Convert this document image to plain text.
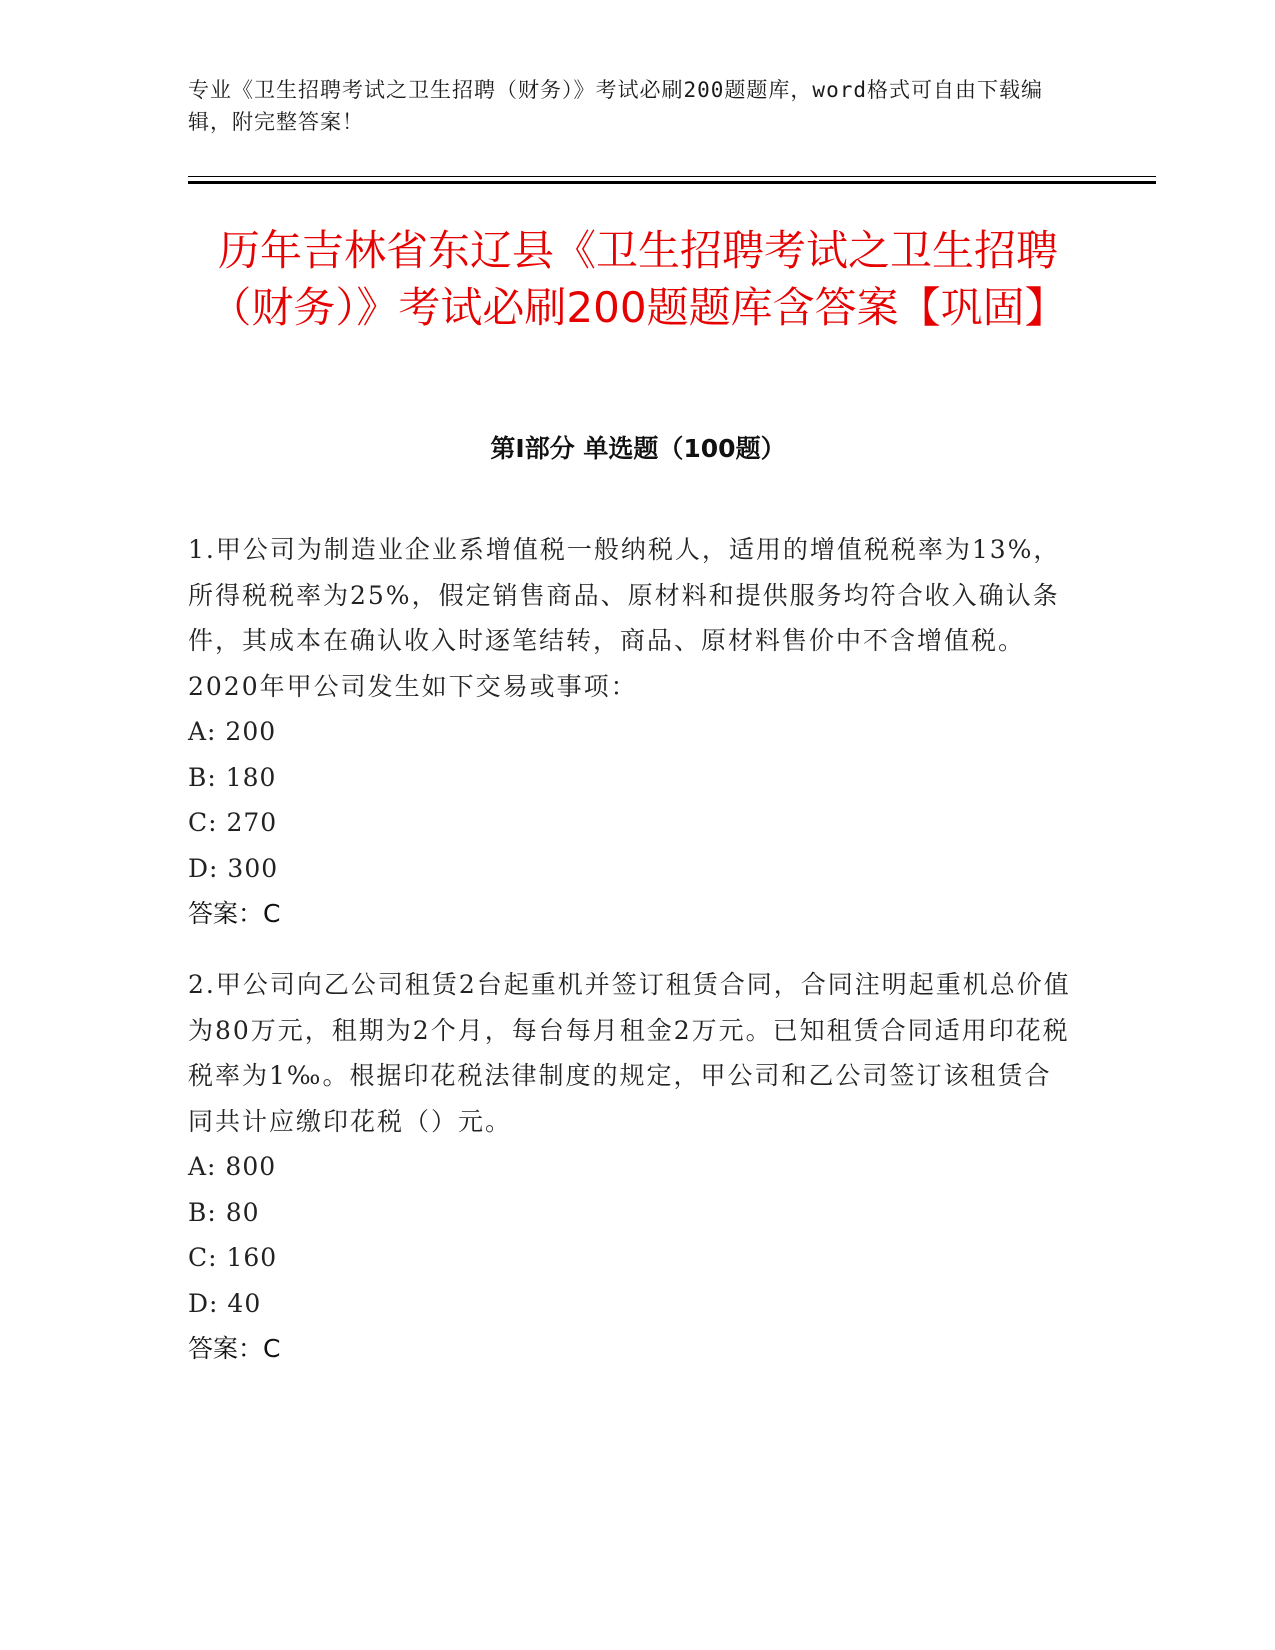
专业《卫生招聘考试之卫生招聘（财务）》考试必刷200题题库，word格式可自由下载编辑，附完整答案！
历年吉林省东辽县《卫生招聘考试之卫生招聘（财务）》考试必刷200题题库含答案【巩固】
第I部分 单选题（100题）

1.甲公司为制造业企业系增值税一般纳税人，适用的增值税税率为13%，所得税税率为25%，假定销售商品、原材料和提供服务均符合收入确认条件，其成本在确认收入时逐笔结转，商品、原材料售价中不含增值税。2020年甲公司发生如下交易或事项：

A: 200

B: 180

C: 270

D: 300

答案：C

2.甲公司向乙公司租赁2台起重机并签订租赁合同，合同注明起重机总价值为80万元，租期为2个月，每台每月租金2万元。已知租赁合同适用印花税税率为1‰。根据印花税法律制度的规定，甲公司和乙公司签订该租赁合同共计应缴印花税（）元。

A: 800

B: 80

C: 160

D: 40

答案：C
